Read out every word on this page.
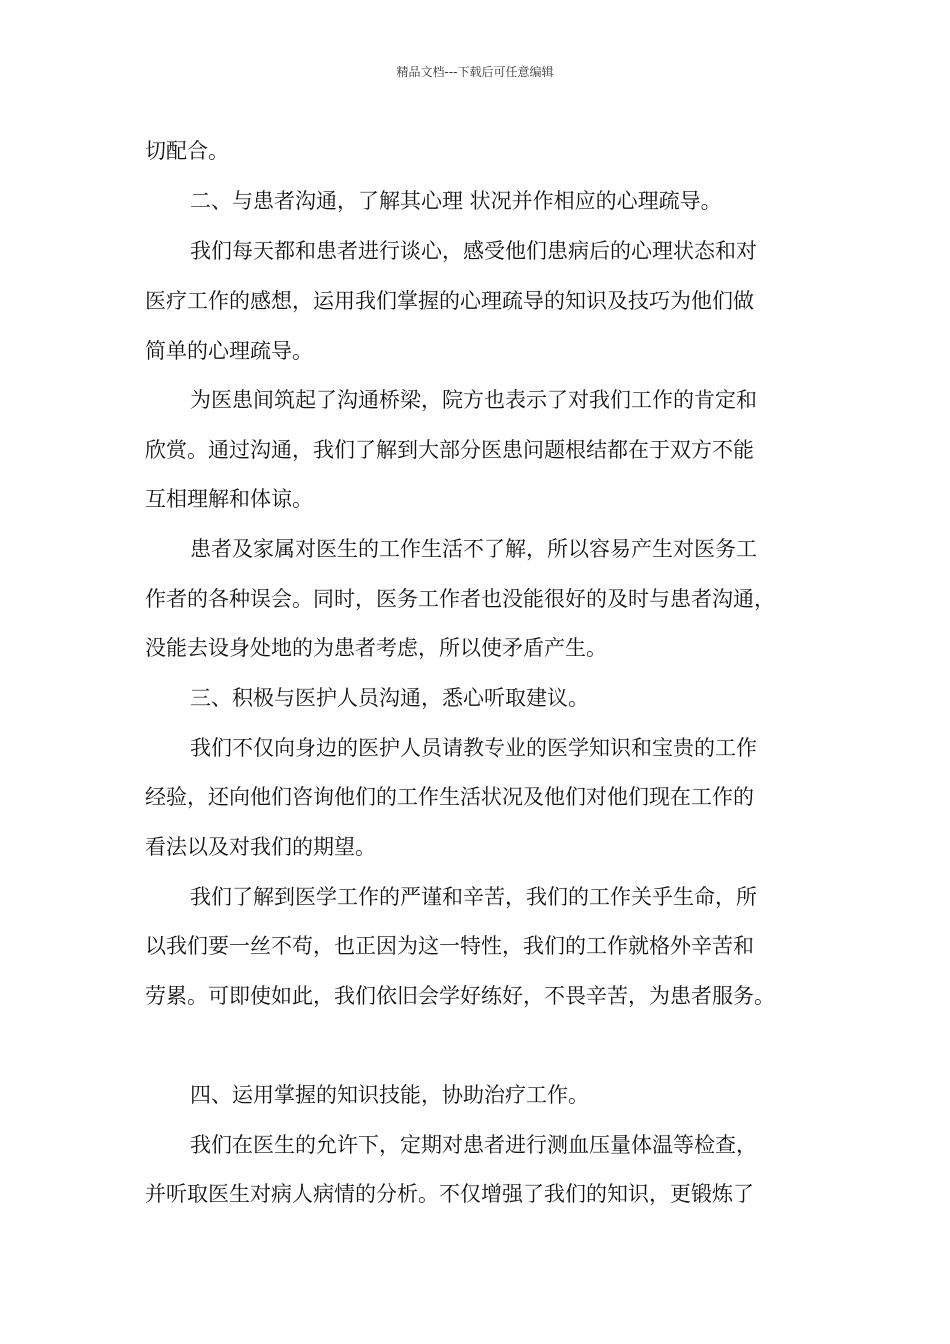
精品文档---下载后可任意编辑
切配合。
二、与患者沟通，了解其心理 状况并作相应的心理疏导。
我们每天都和患者进行谈心，感受他们患病后的心理状态和对
医疗工作的感想，运用我们掌握的心理疏导的知识及技巧为他们做
简单的心理疏导。
为医患间筑起了沟通桥梁，院方也表示了对我们工作的肯定和
欣赏。通过沟通，我们了解到大部分医患问题根结都在于双方不能
互相理解和体谅。
患者及家属对医生的工作生活不了解，所以容易产生对医务工
作者的各种误会。同时，医务工作者也没能很好的及时与患者沟通，
没能去设身处地的为患者考虑，所以使矛盾产生。
三、积极与医护人员沟通，悉心听取建议。
我们不仅向身边的医护人员请教专业的医学知识和宝贵的工作
经验，还向他们咨询他们的工作生活状况及他们对他们现在工作的
看法以及对我们的期望。
我们了解到医学工作的严谨和辛苦，我们的工作关乎生命，所
以我们要一丝不苟，也正因为这一特性，我们的工作就格外辛苦和
劳累。可即使如此，我们依旧会学好练好，不畏辛苦，为患者服务。
四、运用掌握的知识技能，协助治疗工作。
我们在医生的允许下，定期对患者进行测血压量体温等检查，
并听取医生对病人病情的分析。不仅增强了我们的知识，更锻炼了
